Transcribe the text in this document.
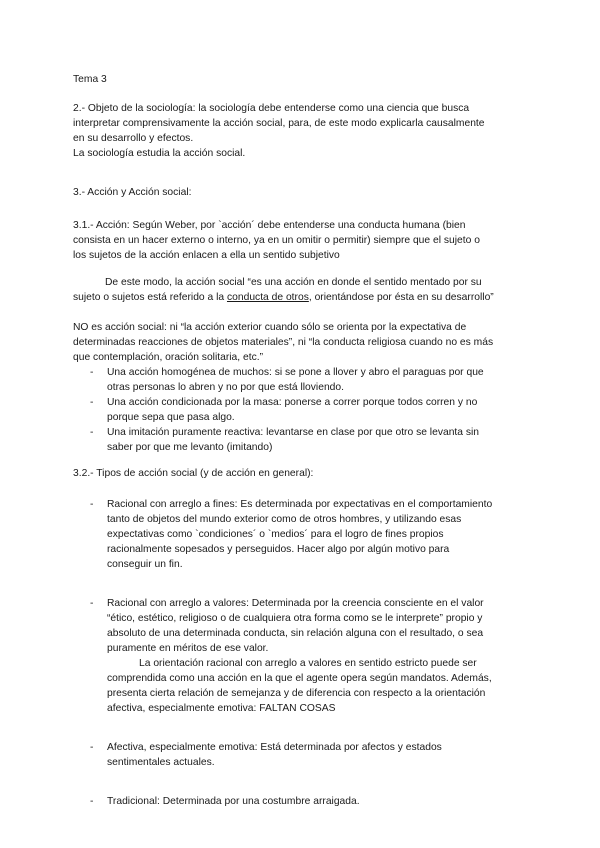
Tema 3
2.- Objeto de la sociología: la sociología debe entenderse como una ciencia que busca
interpretar comprensivamente la acción social, para, de este modo explicarla causalmente
en su desarrollo y efectos.
La sociología estudia la acción social.
3.- Acción y Acción social:
3.1.- Acción: Según Weber, por `acción´ debe entenderse una conducta humana (bien
consista en un hacer externo o interno, ya en un omitir o permitir) siempre que el sujeto o
los sujetos de la acción enlacen a ella un sentido subjetivo
De este modo, la acción social “es una acción en donde el sentido mentado por su
sujeto o sujetos está referido a la conducta de otros, orientándose por ésta en su desarrollo”
NO es acción social: ni “la acción exterior cuando sólo se orienta por la expectativa de
determinadas reacciones de objetos materiales”, ni “la conducta religiosa cuando no es más
que contemplación, oración solitaria, etc.”
-	Una acción homogénea de muchos: si se pone a llover y abro el paraguas por que
otras personas lo abren y no por que está lloviendo.
-	Una acción condicionada por la masa: ponerse a correr porque todos corren y no
porque sepa que pasa algo.
-	Una imitación puramente reactiva: levantarse en clase por que otro se levanta sin
saber por que me levanto (imitando)
3.2.- Tipos de acción social (y de acción en general):
-	Racional con arreglo a fines: Es determinada por expectativas en el comportamiento
tanto de objetos del mundo exterior como de otros hombres, y utilizando esas
expectativas como `condiciones´ o `medios´ para el logro de fines propios
racionalmente sopesados y perseguidos. Hacer algo por algún motivo para
conseguir un fin.
-	Racional con arreglo a valores: Determinada por la creencia consciente en el valor
“ético, estético, religioso o de cualquiera otra forma como se le interprete” propio y
absoluto de una determinada conducta, sin relación alguna con el resultado, o sea
puramente en méritos de ese valor.
La orientación racional con arreglo a valores en sentido estricto puede ser
comprendida como una acción en la que el agente opera según mandatos. Además,
presenta cierta relación de semejanza y de diferencia con respecto a la orientación
afectiva, especialmente emotiva: FALTAN COSAS
-	Afectiva, especialmente emotiva: Está determinada por afectos y estados
sentimentales actuales.
-	Tradicional: Determinada por una costumbre arraigada.
